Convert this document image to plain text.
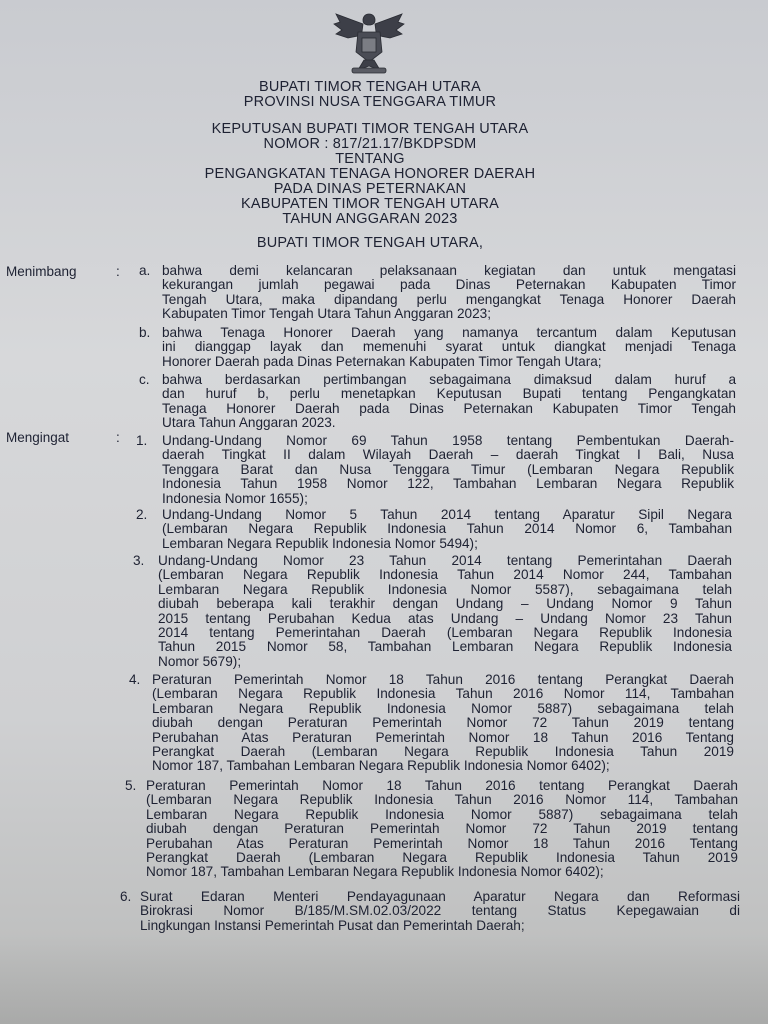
BUPATI TIMOR TENGAH UTARA
PROVINSI NUSA TENGGARA TIMUR
KEPUTUSAN BUPATI TIMOR TENGAH UTARA
NOMOR : 817/21.17/BKDPSDM
TENTANG
PENGANGKATAN TENAGA HONORER DAERAH
PADA DINAS PETERNAKAN
KABUPATEN TIMOR TENGAH UTARA
TAHUN ANGGARAN 2023
BUPATI TIMOR TENGAH UTARA,
Menimbang	:
Mengingat	:
a. bahwa demi kelancaran pelaksanaan kegiatan dan untuk mengatasi
kekurangan jumlah pegawai pada Dinas Peternakan Kabupaten Timor
Tengah Utara, maka dipandang perlu mengangkat Tenaga Honorer Daerah
Kabupaten Timor Tengah Utara Tahun Anggaran 2023;
b. bahwa Tenaga Honorer Daerah yang namanya tercantum dalam Keputusan
ini dianggap layak dan memenuhi syarat untuk diangkat menjadi Tenaga
Honorer Daerah pada Dinas Peternakan Kabupaten Timor Tengah Utara;
c. bahwa berdasarkan pertimbangan sebagaimana dimaksud dalam huruf a
dan huruf b, perlu menetapkan Keputusan Bupati tentang Pengangkatan
Tenaga Honorer Daerah pada Dinas Peternakan Kabupaten Timor Tengah
Utara Tahun Anggaran 2023.
1. Undang-Undang Nomor 69 Tahun 1958 tentang Pembentukan Daerah-
daerah Tingkat II dalam Wilayah Daerah – daerah Tingkat I Bali, Nusa
Tenggara Barat dan Nusa Tenggara Timur (Lembaran Negara Republik
Indonesia Tahun 1958 Nomor 122, Tambahan Lembaran Negara Republik
Indonesia Nomor 1655);
2. Undang-Undang Nomor 5 Tahun 2014 tentang Aparatur Sipil Negara
(Lembaran Negara Republik Indonesia Tahun 2014 Nomor 6, Tambahan
Lembaran Negara Republik Indonesia Nomor 5494);
3. Undang-Undang Nomor 23 Tahun 2014 tentang Pemerintahan Daerah
(Lembaran Negara Republik Indonesia Tahun 2014 Nomor 244, Tambahan
Lembaran Negara Republik Indonesia Nomor 5587), sebagaimana telah
diubah beberapa kali terakhir dengan Undang – Undang Nomor 9 Tahun
2015 tentang Perubahan Kedua atas Undang – Undang Nomor 23 Tahun
2014 tentang Pemerintahan Daerah (Lembaran Negara Republik Indonesia
Tahun 2015 Nomor 58, Tambahan Lembaran Negara Republik Indonesia
Nomor 5679);
4. Peraturan Pemerintah Nomor 18 Tahun 2016 tentang Perangkat Daerah
(Lembaran Negara Republik Indonesia Tahun 2016 Nomor 114, Tambahan
Lembaran Negara Republik Indonesia Nomor 5887) sebagaimana telah
diubah dengan Peraturan Pemerintah Nomor 72 Tahun 2019 tentang
Perubahan Atas Peraturan Pemerintah Nomor 18 Tahun 2016 Tentang
Perangkat Daerah (Lembaran Negara Republik Indonesia Tahun 2019
Nomor 187, Tambahan Lembaran Negara Republik Indonesia Nomor 6402);
5. Peraturan Pemerintah Nomor 18 Tahun 2016 tentang Perangkat Daerah
(Lembaran Negara Republik Indonesia Tahun 2016 Nomor 114, Tambahan
Lembaran Negara Republik Indonesia Nomor 5887) sebagaimana telah
diubah dengan Peraturan Pemerintah Nomor 72 Tahun 2019 tentang
Perubahan Atas Peraturan Pemerintah Nomor 18 Tahun 2016 Tentang
Perangkat Daerah (Lembaran Negara Republik Indonesia Tahun 2019
Nomor 187, Tambahan Lembaran Negara Republik Indonesia Nomor 6402);
6. Surat Edaran Menteri Pendayagunaan Aparatur Negara dan Reformasi
Birokrasi Nomor B/185/M.SM.02.03/2022 tentang Status Kepegawaian di
Lingkungan Instansi Pemerintah Pusat dan Pemerintah Daerah;
